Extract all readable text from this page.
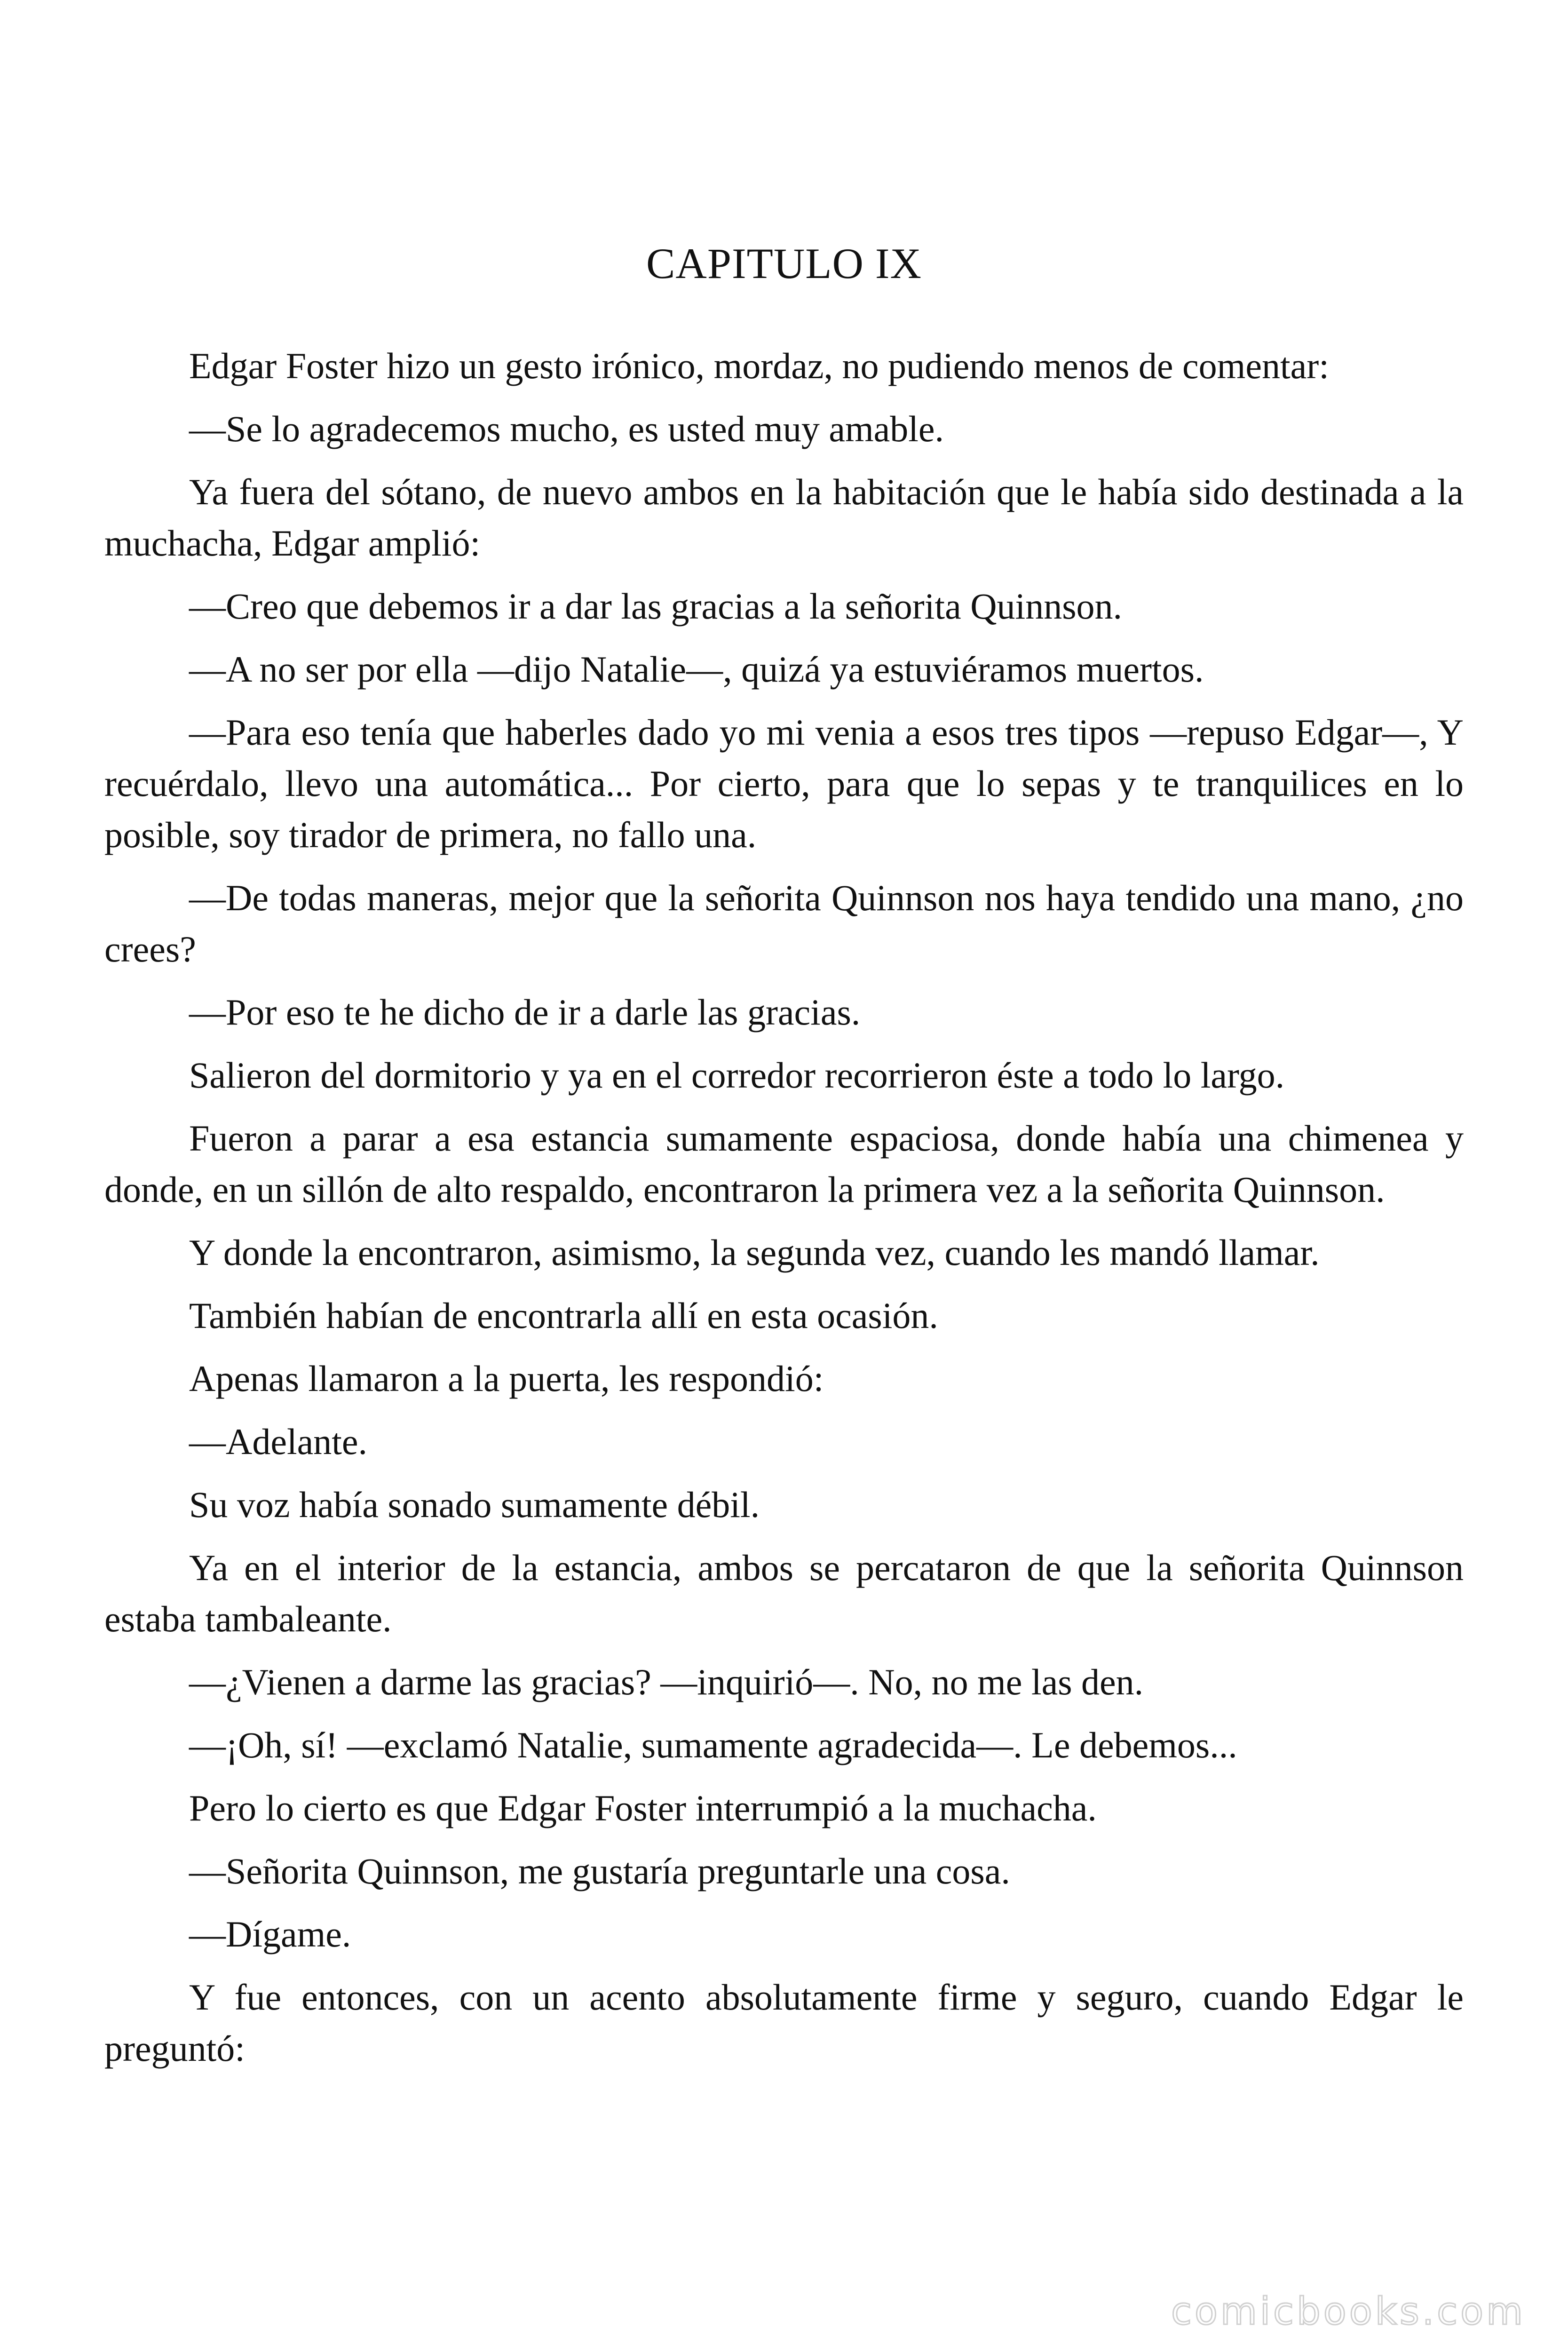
CAPITULO IX

Edgar Foster hizo un gesto irónico, mordaz, no pudiendo menos de comentar:

—Se lo agradecemos mucho, es usted muy amable.

Ya fuera del sótano, de nuevo ambos en la habitación que le había sido destinada a la muchacha, Edgar amplió:

—Creo que debemos ir a dar las gracias a la señorita Quinnson.

—A no ser por ella —dijo Natalie—, quizá ya estuviéramos muertos.

—Para eso tenía que haberles dado yo mi venia a esos tres tipos —repuso Edgar—, Y recuérdalo, llevo una automática... Por cierto, para que lo sepas y te tranquilices en lo posible, soy tirador de primera, no fallo una.

—De todas maneras, mejor que la señorita Quinnson nos haya tendido una mano, ¿no crees?

—Por eso te he dicho de ir a darle las gracias.

Salieron del dormitorio y ya en el corredor recorrieron éste a todo lo largo.

Fueron a parar a esa estancia sumamente espaciosa, donde había una chimenea y donde, en un sillón de alto respaldo, encontraron la primera vez a la señorita Quinnson.

Y donde la encontraron, asimismo, la segunda vez, cuando les mandó llamar.

También habían de encontrarla allí en esta ocasión.

Apenas llamaron a la puerta, les respondió:

—Adelante.

Su voz había sonado sumamente débil.

Ya en el interior de la estancia, ambos se percataron de que la señorita Quinnson estaba tambaleante.

—¿Vienen a darme las gracias? —inquirió—. No, no me las den.

—¡Oh, sí! —exclamó Natalie, sumamente agradecida—. Le debemos...

Pero lo cierto es que Edgar Foster interrumpió a la muchacha.

—Señorita Quinnson, me gustaría preguntarle una cosa.

—Dígame.

Y fue entonces, con un acento absolutamente firme y seguro, cuando Edgar le preguntó:

comicbooks.com
